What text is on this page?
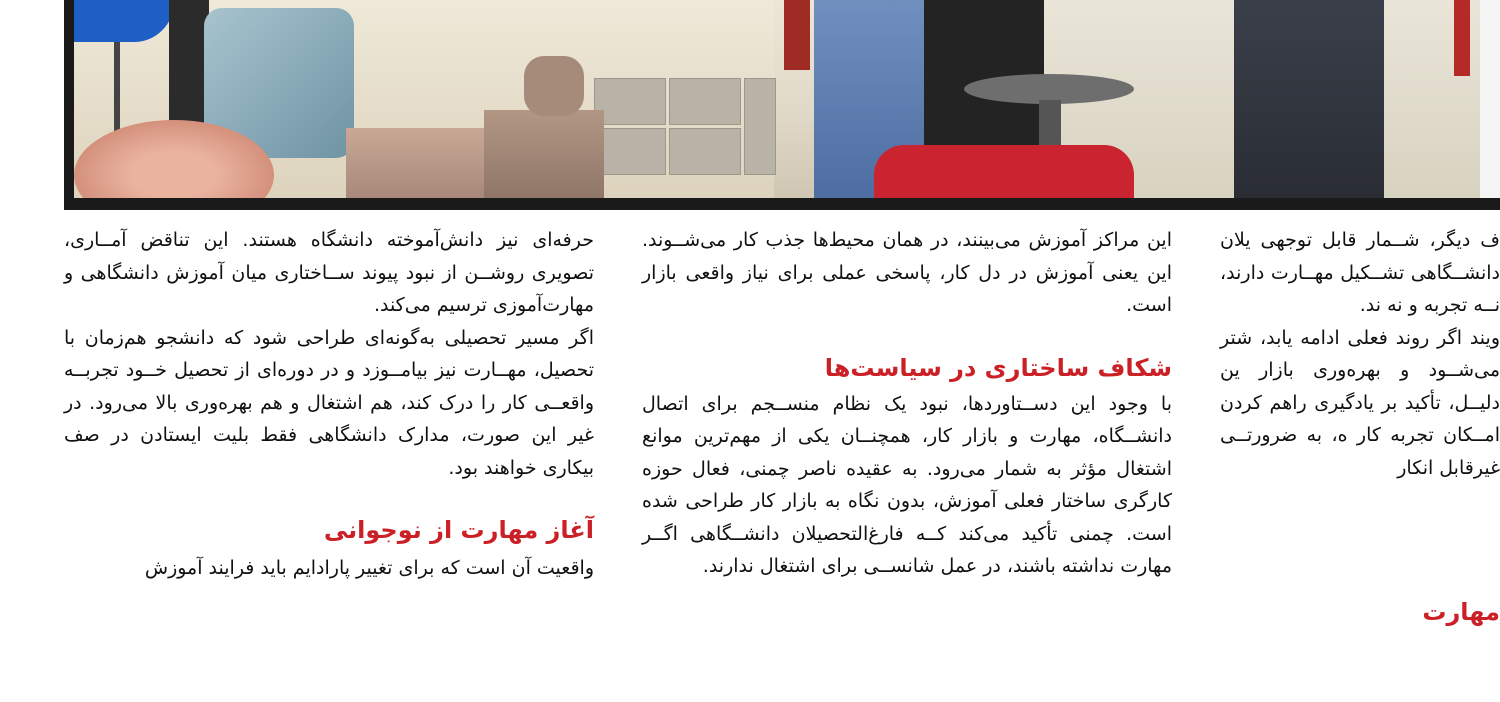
حرفه‌ای نیز دانش‌آموخته دانشگاه هستند. این تناقض آمــاری، تصویری روشــن از نبود پیوند ســاختاری میان آموزش دانشگاهی و مهارت‌آموزی ترسیم می‌کند.

اگر مسیر تحصیلی به‌گونه‌ای طراحی شود که دانشجو هم‌زمان با تحصیل، مهــارت نیز بیامــوزد و در دوره‌ای از تحصیل خــود تجربــه واقعــی کار را درک کند، هم اشتغال و هم بهره‌وری بالا می‌رود. در غیر این صورت، مدارک دانشگاهی فقط بلیت ایستادن در صف بیکاری خواهند بود.

آغاز مهارت از نوجوانی

واقعیت آن است که برای تغییر پارادایم باید فرایند آموزش

این مراکز آموزش می‌بینند، در همان محیط‌ها جذب کار می‌شــوند. این یعنی آموزش در دل کار، پاسخی عملی برای نیاز واقعی بازار است.

شکاف ساختاری در سیاست‌ها

با وجود این دســتاوردها، نبود یک نظام منســجم برای اتصال دانشــگاه، مهارت و بازار کار، همچنــان یکی از مهم‌ترین موانع اشتغال مؤثر به شمار می‌رود. به عقیده ناصر چمنی، فعال حوزه کارگری ساختار فعلی آموزش، بدون نگاه به بازار کار طراحی شده است. چمنی تأکید می‌کند کــه فارغ‌التحصیلان دانشــگاهی اگــر مهارت نداشته باشند، در عمل شانســی برای اشتغال ندارند.

ف دیگر، شــمار قابل توجهی یلان دانشــگاهی تشــکیل مهــارت دارند، نــه تجربه و نه ند.

ویند اگر روند فعلی ادامه یابد، شتر می‌شــود و بهره‌وری بازار ین دلیــل، تأکید بر یادگیری راهم کردن امــکان تجربه کار ه، به ضرورتــی غیرقابل انکار

مهارت
